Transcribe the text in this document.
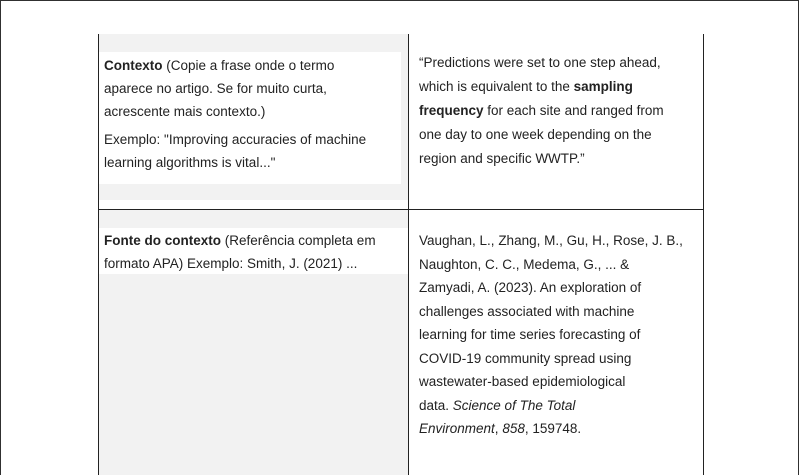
Contexto (Copie a frase onde o termo
aparece no artigo. Se for muito curta,
acrescente mais contexto.)
Exemplo: "Improving accuracies of machine
learning algorithms is vital..."
“Predictions were set to one step ahead,
which is equivalent to the sampling
frequency for each site and ranged from
one day to one week depending on the
region and specific WWTP.”
Fonte do contexto (Referência completa em
formato APA) Exemplo: Smith, J. (2021) ...
Vaughan, L., Zhang, M., Gu, H., Rose, J. B.,
Naughton, C. C., Medema, G., ... &
Zamyadi, A. (2023). An exploration of
challenges associated with machine
learning for time series forecasting of
COVID-19 community spread using
wastewater-based epidemiological
data. Science of The Total
Environment, 858, 159748.
